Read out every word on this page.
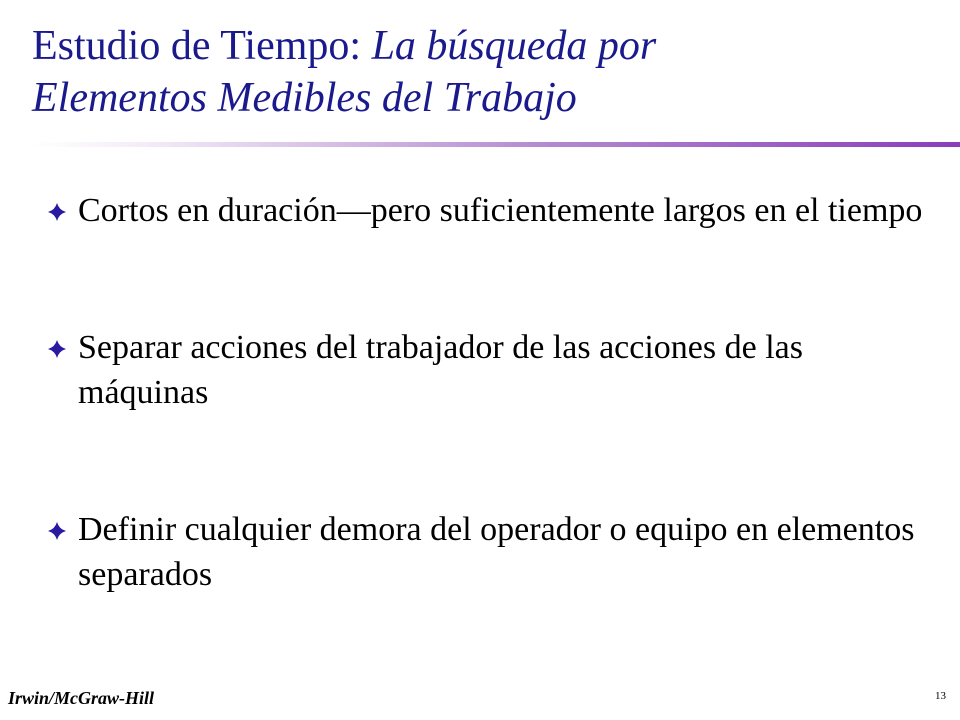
Estudio de Tiempo: La búsqueda por
Elementos Medibles del Trabajo
Cortos en duración—pero suficientemente largos en el tiempo
Separar acciones del trabajador de las acciones de las máquinas
Definir cualquier demora del operador o equipo en elementos separados
Irwin/McGraw-Hill	13
